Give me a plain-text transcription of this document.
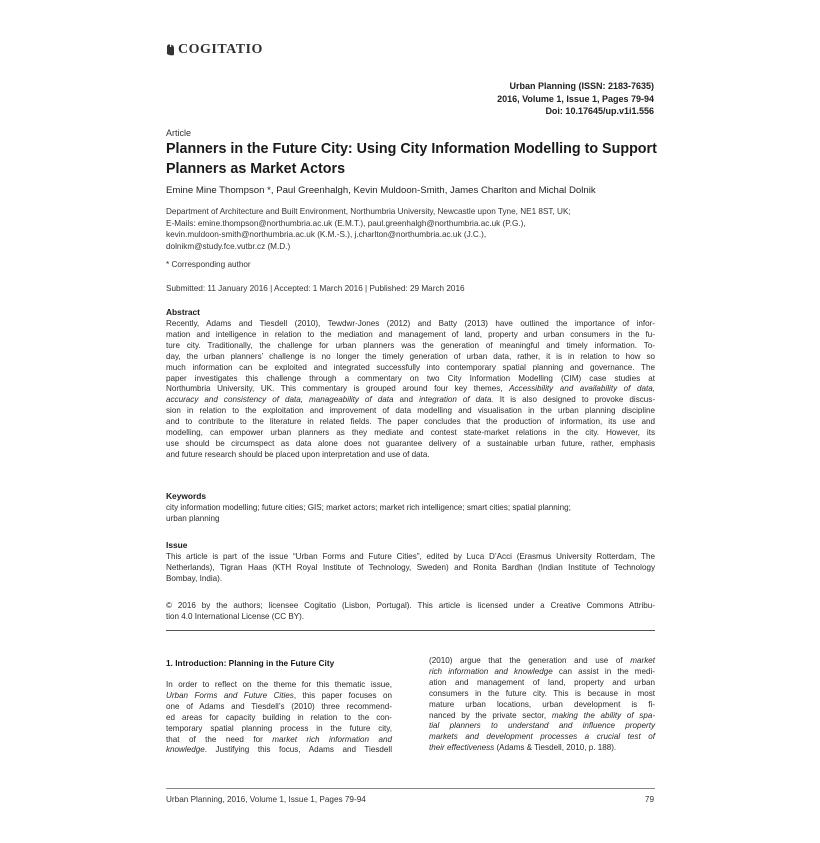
COGITATIO
Urban Planning (ISSN: 2183-7635)
2016, Volume 1, Issue 1, Pages 79-94
Doi: 10.17645/up.v1i1.556
Article
Planners in the Future City: Using City Information Modelling to Support Planners as Market Actors
Emine Mine Thompson *, Paul Greenhalgh, Kevin Muldoon-Smith, James Charlton and Michal Dolnik
Department of Architecture and Built Environment, Northumbria University, Newcastle upon Tyne, NE1 8ST, UK;
E-Mails: emine.thompson@northumbria.ac.uk (E.M.T.), paul.greenhalgh@northumbria.ac.uk (P.G.),
kevin.muldoon-smith@northumbria.ac.uk (K.M.-S.), j.charlton@northumbria.ac.uk (J.C.),
dolnikm@study.fce.vutbr.cz (M.D.)
* Corresponding author
Submitted: 11 January 2016 | Accepted: 1 March 2016 | Published: 29 March 2016
Abstract
Recently, Adams and Tiesdell (2010), Tewdwr-Jones (2012) and Batty (2013) have outlined the importance of infor-
mation and intelligence in relation to the mediation and management of land, property and urban consumers in the fu-
ture city. Traditionally, the challenge for urban planners was the generation of meaningful and timely information. To-
day, the urban planners’ challenge is no longer the timely generation of urban data, rather, it is in relation to how so
much information can be exploited and integrated successfully into contemporary spatial planning and governance. The
paper investigates this challenge through a commentary on two City Information Modelling (CIM) case studies at
Northumbria University, UK. This commentary is grouped around four key themes, Accessibility and availability of data,
accuracy and consistency of data, manageability of data and integration of data. It is also designed to provoke discus-
sion in relation to the exploitation and improvement of data modelling and visualisation in the urban planning discipline
and to contribute to the literature in related fields. The paper concludes that the production of information, its use and
modelling, can empower urban planners as they mediate and contest state-market relations in the city. However, its
use should be circumspect as data alone does not guarantee delivery of a sustainable urban future, rather, emphasis
and future research should be placed upon interpretation and use of data.
Keywords
city information modelling; future cities; GIS; market actors; market rich intelligence; smart cities; spatial planning;
urban planning
Issue
This article is part of the issue “Urban Forms and Future Cities”, edited by Luca D’Acci (Erasmus University Rotterdam, The
Netherlands), Tigran Haas (KTH Royal Institute of Technology, Sweden) and Ronita Bardhan (Indian Institute of Technology
Bombay, India).
© 2016 by the authors; licensee Cogitatio (Lisbon, Portugal). This article is licensed under a Creative Commons Attribu-
tion 4.0 International License (CC BY).
1. Introduction: Planning in the Future City
In order to reflect on the theme for this thematic issue,
Urban Forms and Future Cities, this paper focuses on
one of Adams and Tiesdell’s (2010) three recommend-
ed areas for capacity building in relation to the con-
temporary spatial planning process in the future city,
that of the need for market rich information and
knowledge. Justifying this focus, Adams and Tiesdell
(2010) argue that the generation and use of market
rich information and knowledge can assist in the medi-
ation and management of land, property and urban
consumers in the future city. This is because in most
mature urban locations, urban development is fi-
nanced by the private sector, making the ability of spa-
tial planners to understand and influence property
markets and development processes a crucial test of
their effectiveness (Adams & Tiesdell, 2010, p. 188).
Urban Planning, 2016, Volume 1, Issue 1, Pages 79-94	79
